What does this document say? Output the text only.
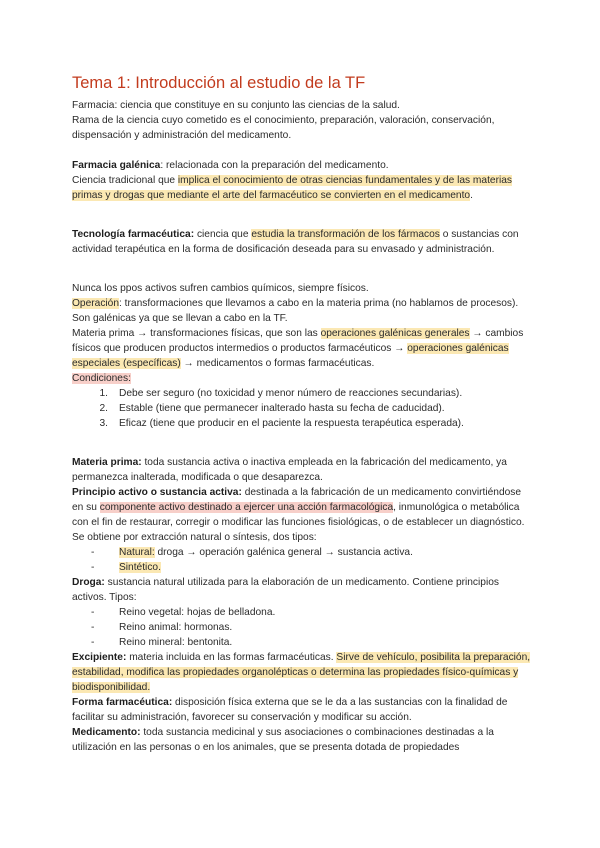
Tema 1: Introducción al estudio de la TF

Farmacia: ciencia que constituye en su conjunto las ciencias de la salud.

Rama de la ciencia cuyo cometido es el conocimiento, preparación, valoración, conservación, dispensación y administración del medicamento.

Farmacia galénica: relacionada con la preparación del medicamento.

Ciencia tradicional que implica el conocimiento de otras ciencias fundamentales y de las materias primas y drogas que mediante el arte del farmacéutico se convierten en el medicamento.

Tecnología farmacéutica: ciencia que estudia la transformación de los fármacos o sustancias con actividad terapéutica en la forma de dosificación deseada para su envasado y administración.

Nunca los ppos activos sufren cambios químicos, siempre físicos.

Operación: transformaciones que llevamos a cabo en la materia prima (no hablamos de procesos). Son galénicas ya que se llevan a cabo en la TF.

Materia prima → transformaciones físicas, que son las operaciones galénicas generales → cambios físicos que producen productos intermedios o productos farmacéuticos → operaciones galénicas especiales (específicas) → medicamentos o formas farmacéuticas.

Condiciones:

1. Debe ser seguro (no toxicidad y menor número de reacciones secundarias).
2. Estable (tiene que permanecer inalterado hasta su fecha de caducidad).
3. Eficaz (tiene que producir en el paciente la respuesta terapéutica esperada).

Materia prima: toda sustancia activa o inactiva empleada en la fabricación del medicamento, ya permanezca inalterada, modificada o que desaparezca.

Principio activo o sustancia activa: destinada a la fabricación de un medicamento convirtiéndose en su componente activo destinado a ejercer una acción farmacológica, inmunológica o metabólica con el fin de restaurar, corregir o modificar las funciones fisiológicas, o de establecer un diagnóstico. Se obtiene por extracción natural o síntesis, dos tipos:

- Natural: droga → operación galénica general → sustancia activa.
- Sintético.

Droga: sustancia natural utilizada para la elaboración de un medicamento. Contiene principios activos. Tipos:

- Reino vegetal: hojas de belladona.
- Reino animal: hormonas.
- Reino mineral: bentonita.

Excipiente: materia incluida en las formas farmacéuticas. Sirve de vehículo, posibilita la preparación, estabilidad, modifica las propiedades organolépticas o determina las propiedades físico-químicas y biodisponibilidad.

Forma farmacéutica: disposición física externa que se le da a las sustancias con la finalidad de facilitar su administración, favorecer su conservación y modificar su acción.

Medicamento: toda sustancia medicinal y sus asociaciones o combinaciones destinadas a la utilización en las personas o en los animales, que se presenta dotada de propiedades
